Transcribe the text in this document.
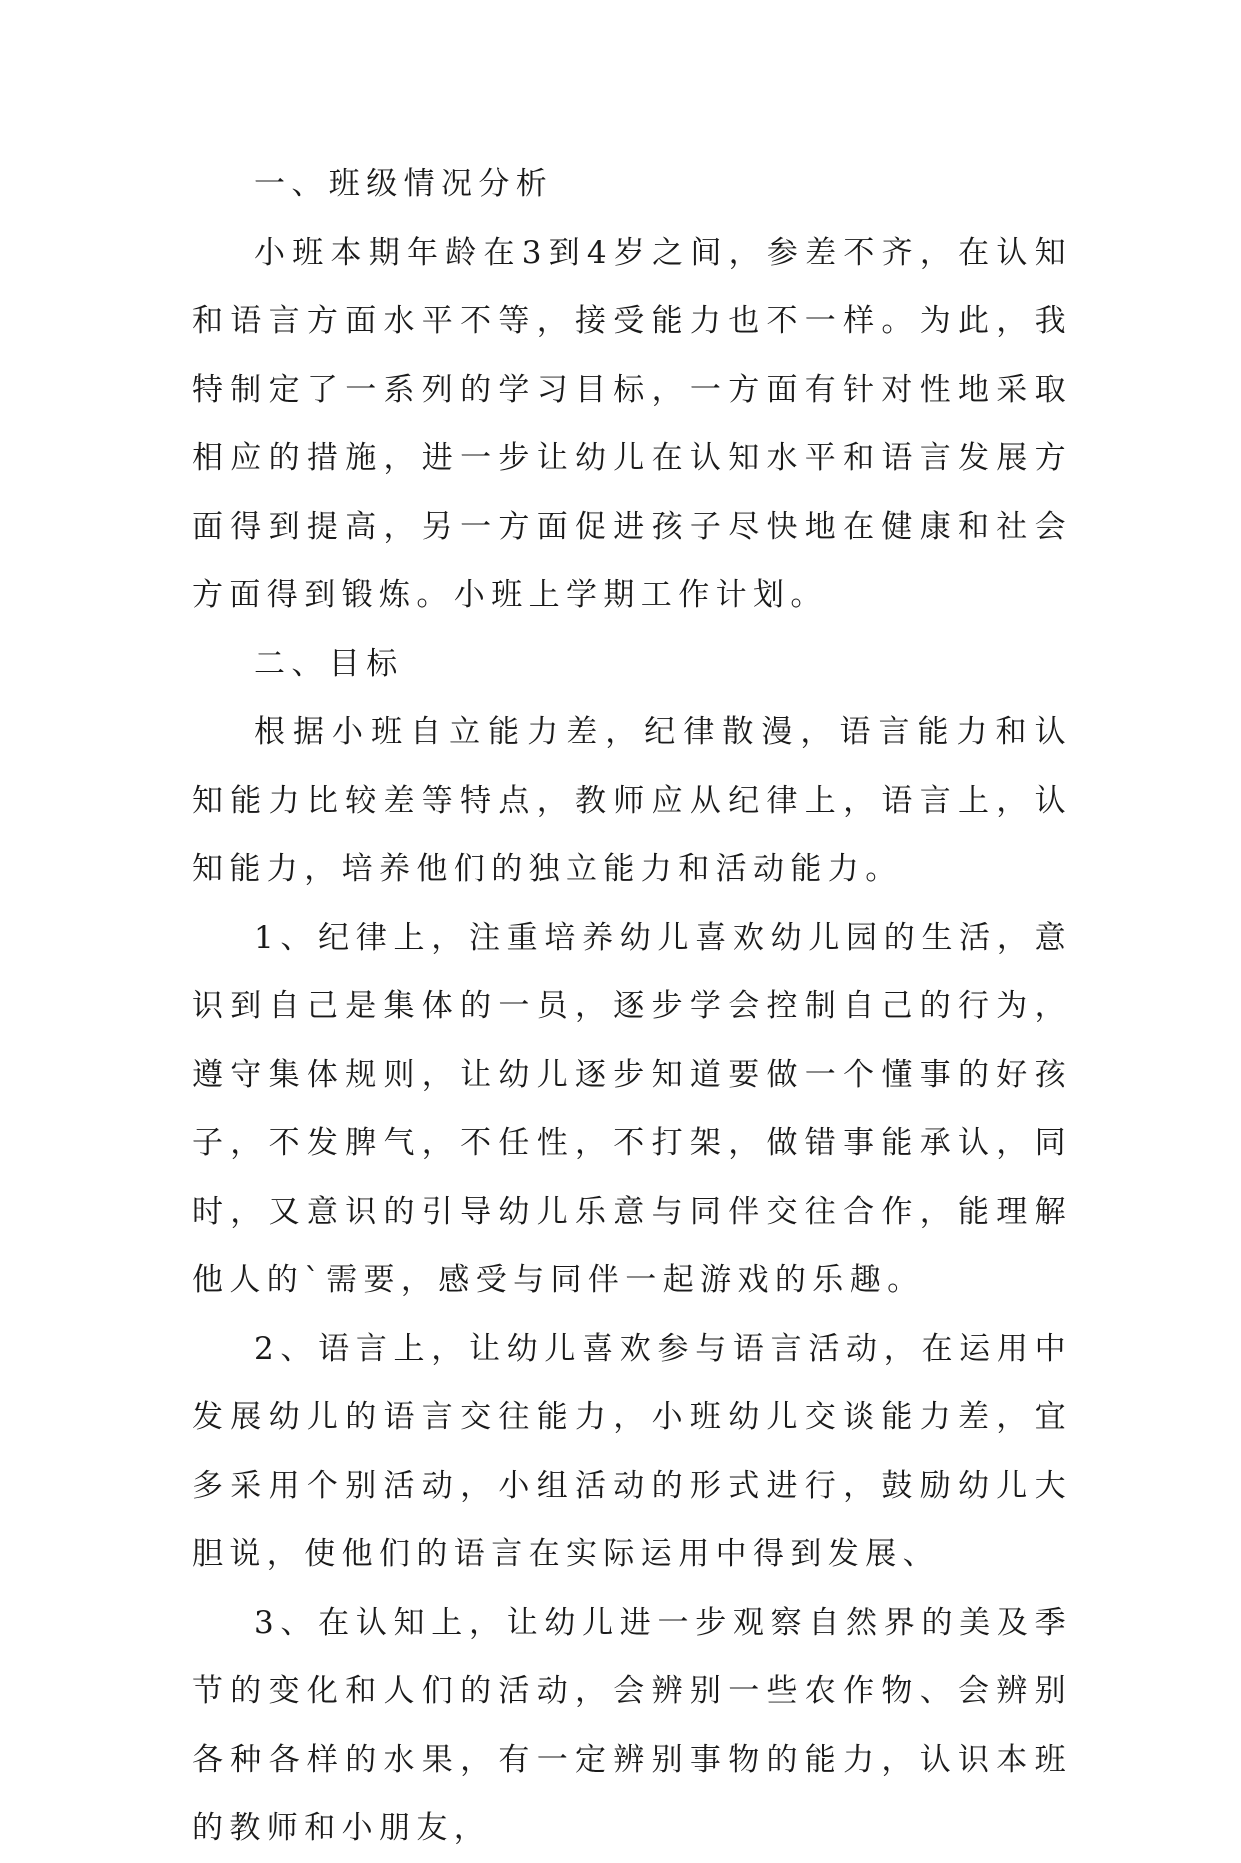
一、班级情况分析

小班本期年龄在3到4岁之间，参差不齐，在认知和语言方面水平不等，接受能力也不一样。为此，我特制定了一系列的学习目标，一方面有针对性地采取相应的措施，进一步让幼儿在认知水平和语言发展方面得到提高，另一方面促进孩子尽快地在健康和社会方面得到锻炼。小班上学期工作计划。

二、目标

根据小班自立能力差，纪律散漫，语言能力和认知能力比较差等特点，教师应从纪律上，语言上，认知能力，培养他们的独立能力和活动能力。

1、纪律上，注重培养幼儿喜欢幼儿园的生活，意识到自己是集体的一员，逐步学会控制自己的行为，遵守集体规则，让幼儿逐步知道要做一个懂事的好孩子，不发脾气，不任性，不打架，做错事能承认，同时，又意识的引导幼儿乐意与同伴交往合作，能理解他人的`需要，感受与同伴一起游戏的乐趣。

2、语言上，让幼儿喜欢参与语言活动，在运用中发展幼儿的语言交往能力，小班幼儿交谈能力差，宜多采用个别活动，小组活动的形式进行，鼓励幼儿大胆说，使他们的语言在实际运用中得到发展、

3、在认知上，让幼儿进一步观察自然界的美及季节的变化和人们的活动，会辨别一些农作物、会辨别各种各样的水果，有一定辨别事物的能力，认识本班的教师和小朋友，
